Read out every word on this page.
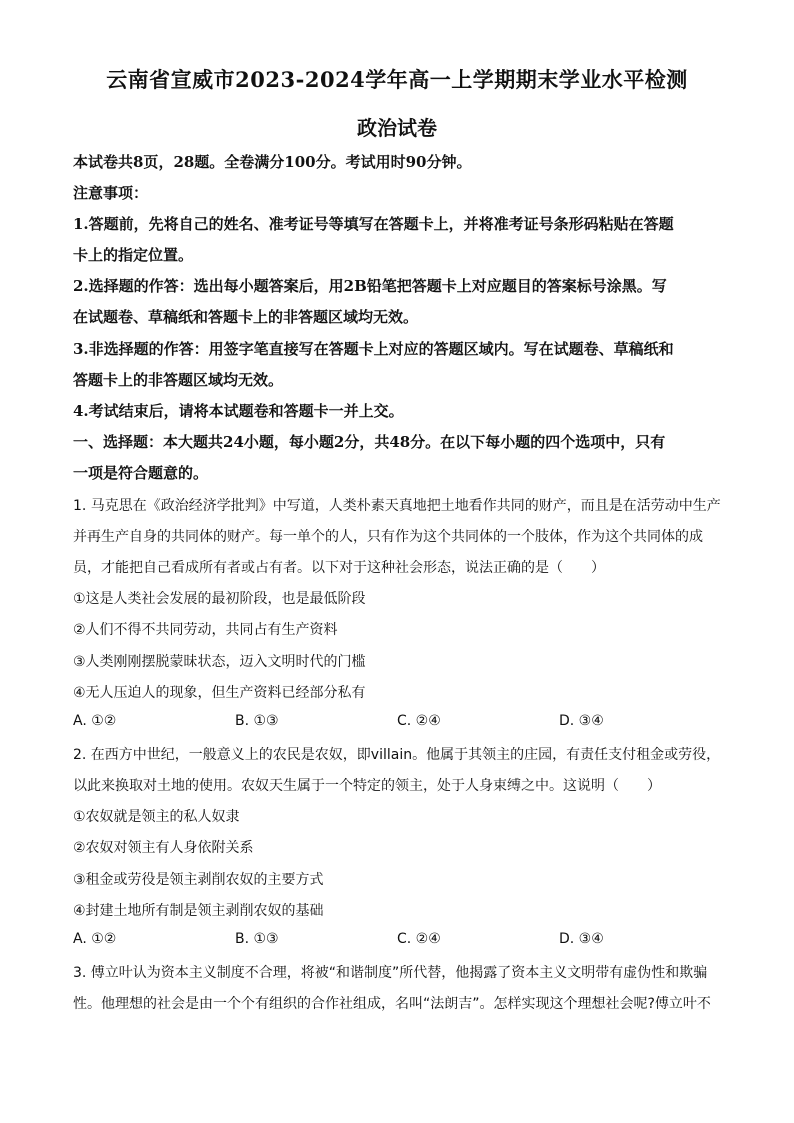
云南省宣威市2023-2024学年高一上学期期末学业水平检测
政治试卷
本试卷共8页，28题。全卷满分100分。考试用时90分钟。
注意事项：
1.答题前，先将自己的姓名、准考证号等填写在答题卡上，并将准考证号条形码粘贴在答题
卡上的指定位置。
2.选择题的作答：选出每小题答案后，用2B铅笔把答题卡上对应题目的答案标号涂黑。写
在试题卷、草稿纸和答题卡上的非答题区域均无效。
3.非选择题的作答：用签字笔直接写在答题卡上对应的答题区域内。写在试题卷、草稿纸和
答题卡上的非答题区域均无效。
4.考试结束后，请将本试题卷和答题卡一并上交。
一、选择题：本大题共24小题，每小题2分，共48分。在以下每小题的四个选项中，只有
一项是符合题意的。
1. 马克思在《政治经济学批判》中写道，人类朴素天真地把土地看作共同的财产，而且是在活劳动中生产
并再生产自身的共同体的财产。每一单个的人，只有作为这个共同体的一个肢体，作为这个共同体的成
员，才能把自己看成所有者或占有者。以下对于这种社会形态，说法正确的是（　　）
①这是人类社会发展的最初阶段，也是最低阶段
②人们不得不共同劳动，共同占有生产资料
③人类刚刚摆脱蒙昧状态，迈入文明时代的门槛
④无人压迫人的现象，但生产资料已经部分私有
A. ①②	B. ①③	C. ②④	D. ③④
2. 在西方中世纪，一般意义上的农民是农奴，即villain。他属于其领主的庄园，有责任支付租金或劳役，
以此来换取对土地的使用。农奴天生属于一个特定的领主，处于人身束缚之中。这说明（　　）
①农奴就是领主的私人奴隶
②农奴对领主有人身依附关系
③租金或劳役是领主剥削农奴的主要方式
④封建土地所有制是领主剥削农奴的基础
A. ①②	B. ①③	C. ②④	D. ③④
3. 傅立叶认为资本主义制度不合理，将被“和谐制度”所代替，他揭露了资本主义文明带有虚伪性和欺骗
性。他理想的社会是由一个个有组织的合作社组成，名叫“法朗吉”。怎样实现这个理想社会呢?傅立叶不
